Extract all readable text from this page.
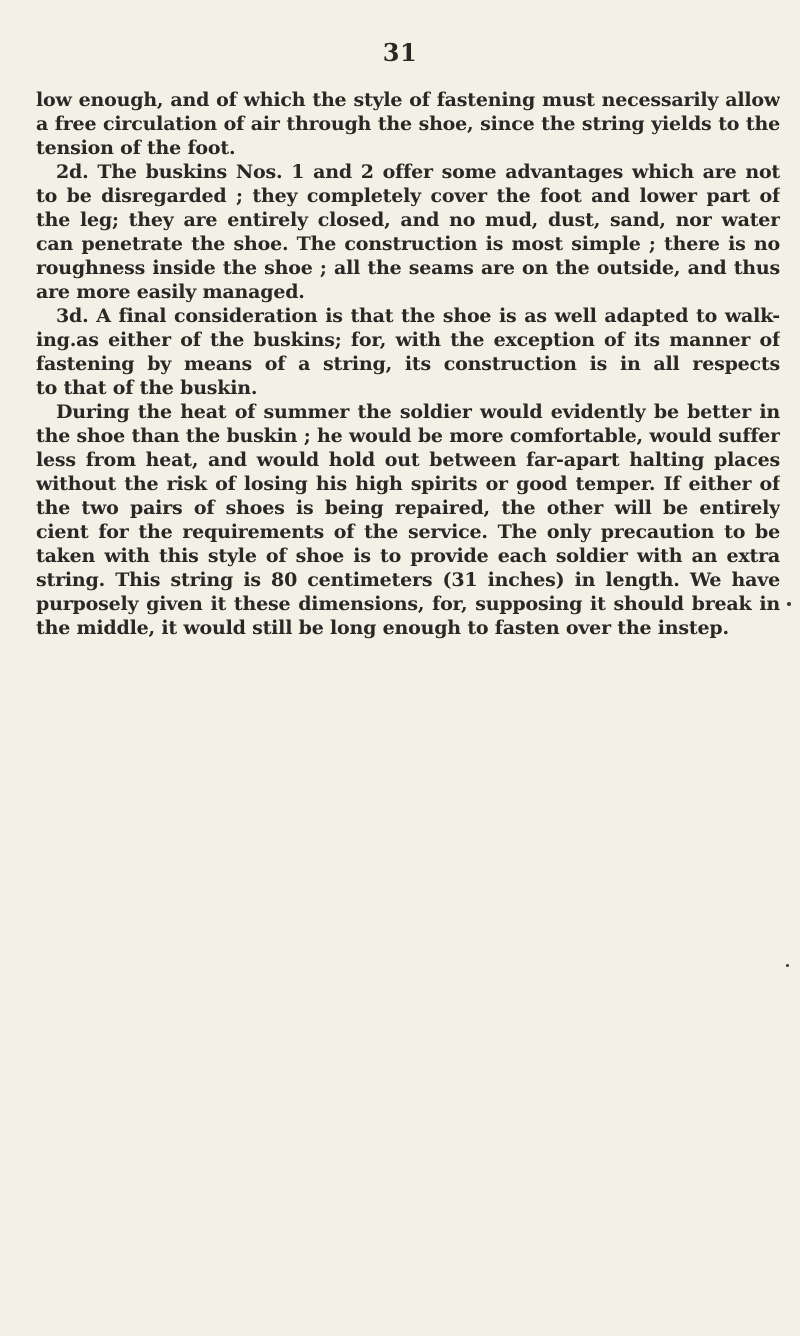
31
low enough, and of which the style of fastening must necessarily allow
a free circulation of air through the shoe, since the string yields to the
tension of the foot.
2d. The buskins Nos. 1 and 2 offer some advantages which are not
to be disregarded ; they completely cover the foot and lower part of
the leg; they are entirely closed, and no mud, dust, sand, nor water
can penetrate the shoe. The construction is most simple ; there is no
roughness inside the shoe ; all the seams are on the outside, and thus
are more easily managed.
3d. A final consideration is that the shoe is as well adapted to walk-
ing.as either of the buskins; for, with the exception of its manner of
fastening by means of a string, its construction is in all respects
to that of the buskin.
During the heat of summer the soldier would evidently be better in
the shoe than the buskin ; he would be more comfortable, would suffer
less from heat, and would hold out between far-apart halting places
without the risk of losing his high spirits or good temper. If either of
the two pairs of shoes is being repaired, the other will be entirely
cient for the requirements of the service. The only precaution to be
taken with this style of shoe is to provide each soldier with an extra
string. This string is 80 centimeters (31 inches) in length. We have
purposely given it these dimensions, for, supposing it should break in
the middle, it would still be long enough to fasten over the instep.
